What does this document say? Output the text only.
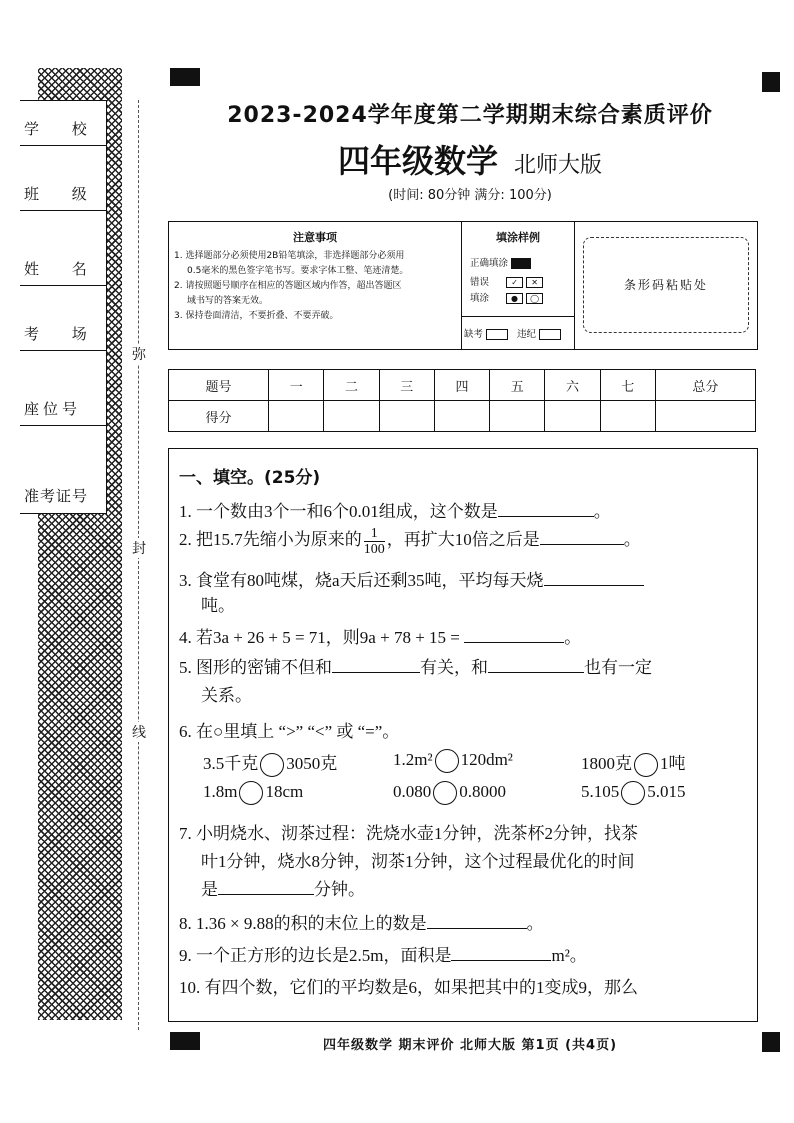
学 校
班 级
姓 名
考 场
座位号
准考证号
弥
封
线
2023-2024学年度第二学期期末综合素质评价
四年级数学 北师大版
(时间: 80分钟 满分: 100分)
注意事项
1. 选择题部分必须使用2B铅笔填涂，非选择题部分必须用
0.5毫米的黑色签字笔书写。要求字体工整、笔迹清楚。
2. 请按照题号顺序在相应的答题区域内作答，超出答题区
域书写的答案无效。
3. 保持卷面清洁，不要折叠、不要弄破。
填涂样例
正确填涂
错误	✓ ✕
填涂	● ◯
缺考	违纪
条形码粘贴处
题号	一	二	三	四	五	六	七	总分
得分								
一、填空。(25分)
1. 一个数由3个一和6个0.01组成，这个数是	。
2. 把15.7先缩小为原来的 $\frac{1}{100}$ ，再扩大10倍之后是	。
3. 食堂有80吨煤，烧a天后还剩35吨，平均每天烧
吨。
4. 若3a + 26 + 5 = 71，则9a + 78 + 15 =	。
5. 图形的密铺不但和	有关，和	也有一定
关系。
6. 在○里填上 “>” “<” 或 “=”。
3.5千克 3050克	1.2m² 120dm²	1800克 1吨
1.8m 18cm	0.080 0.8000	5.105 5.015
7. 小明烧水、沏茶过程：洗烧水壶1分钟，洗茶杯2分钟，找茶
叶1分钟，烧水8分钟，沏茶1分钟，这个过程最优化的时间
是	分钟。
8. 1.36 × 9.88的积的末位上的数是	。
9. 一个正方形的边长是2.5m，面积是	m²。
10. 有四个数，它们的平均数是6，如果把其中的1变成9，那么
四年级数学 期末评价 北师大版 第1页 (共4页)
